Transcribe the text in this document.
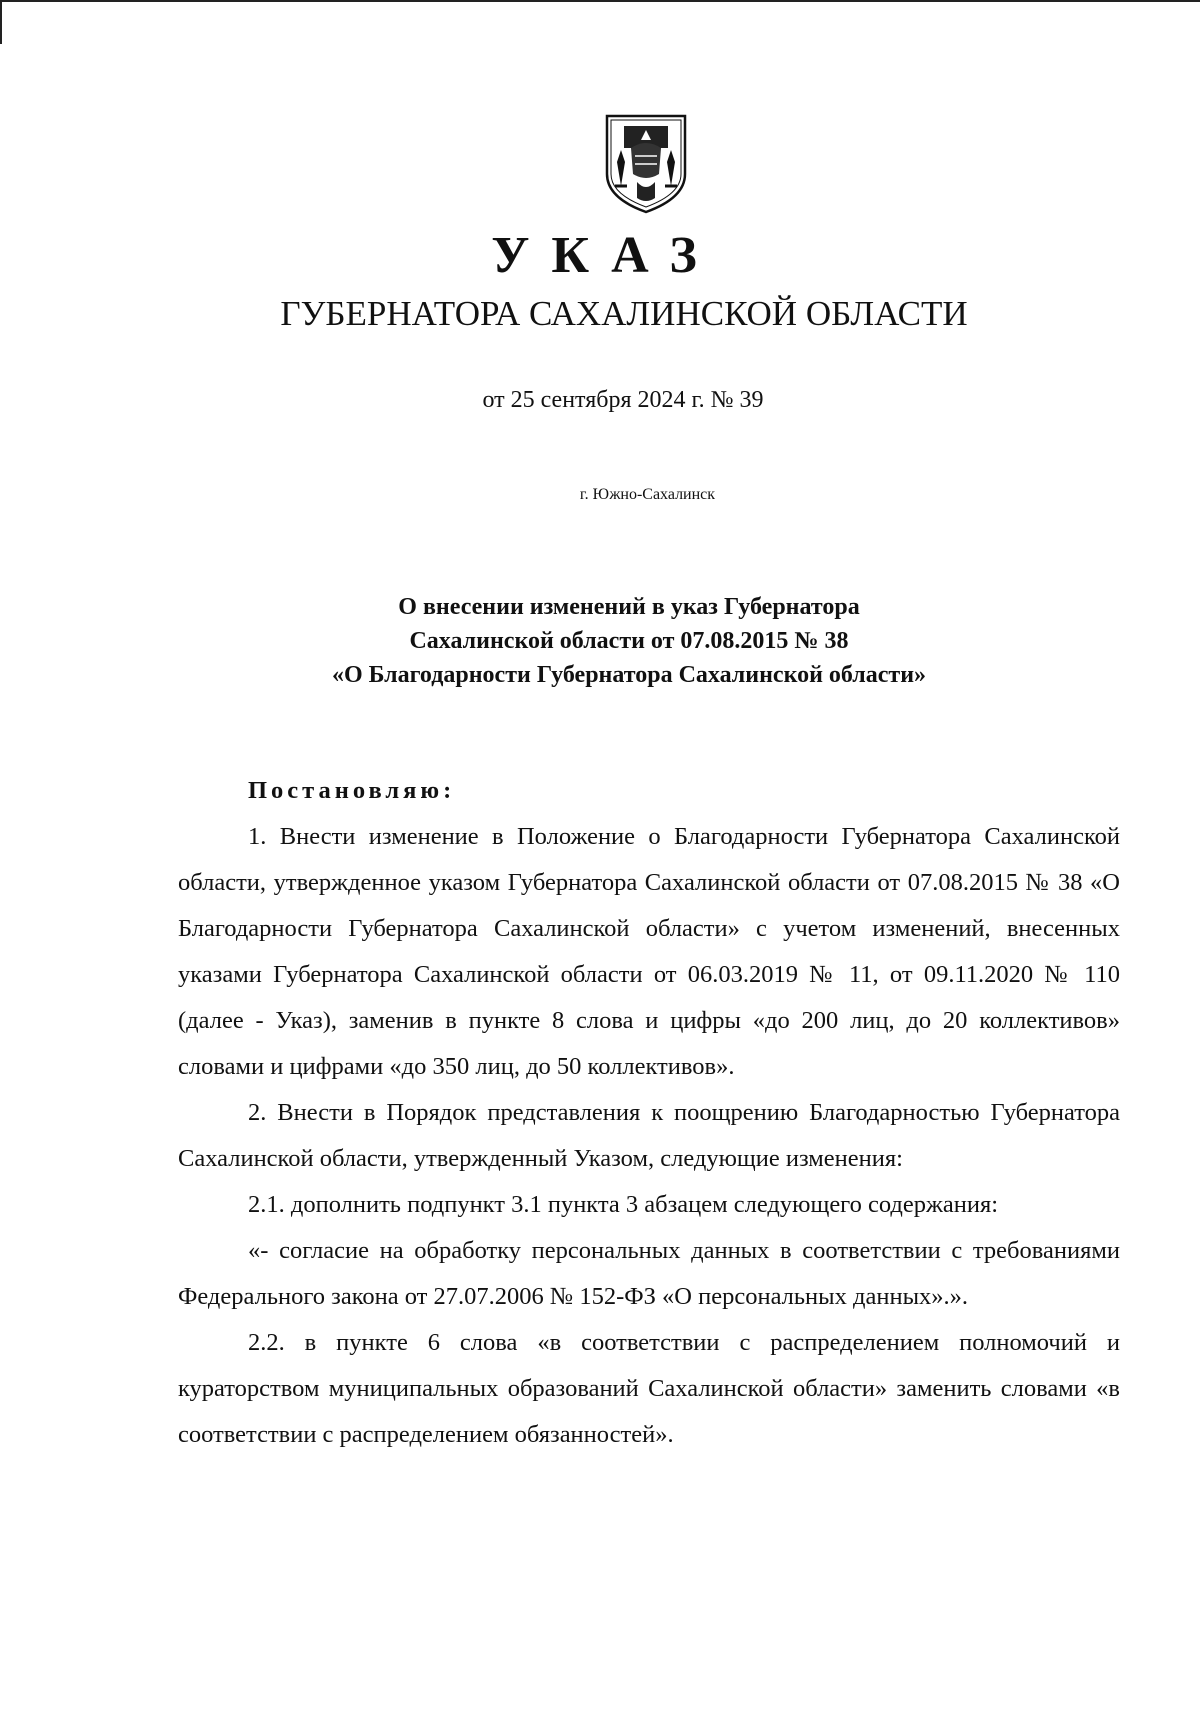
УКАЗ
ГУБЕРНАТОРА САХАЛИНСКОЙ ОБЛАСТИ
от 25 сентября 2024 г. № 39
г. Южно-Сахалинск
О внесении изменений в указ Губернатора
Сахалинской области от 07.08.2015 № 38
«О Благодарности Губернатора Сахалинской области»
Постановляю:

1. Внести изменение в Положение о Благодарности Губернатора Сахалинской области, утвержденное указом Губернатора Сахалинской области от 07.08.2015 № 38 «О Благодарности Губернатора Сахалинской области» с учетом изменений, внесенных указами Губернатора Сахалинской области от 06.03.2019 № 11, от 09.11.2020 № 110 (далее - Указ), заменив в пункте 8 слова и цифры «до 200 лиц, до 20 коллективов» словами и цифрами «до 350 лиц, до 50 коллективов».

2. Внести в Порядок представления к поощрению Благодарностью Губернатора Сахалинской области, утвержденный Указом, следующие изменения:

2.1. дополнить подпункт 3.1 пункта 3 абзацем следующего содержания:

«- согласие на обработку персональных данных в соответствии с требованиями Федерального закона от 27.07.2006 № 152-ФЗ «О персональных данных».».

2.2. в пункте 6 слова «в соответствии с распределением полномочий и кураторством муниципальных образований Сахалинской области» заменить словами «в соответствии с распределением обязанностей».
